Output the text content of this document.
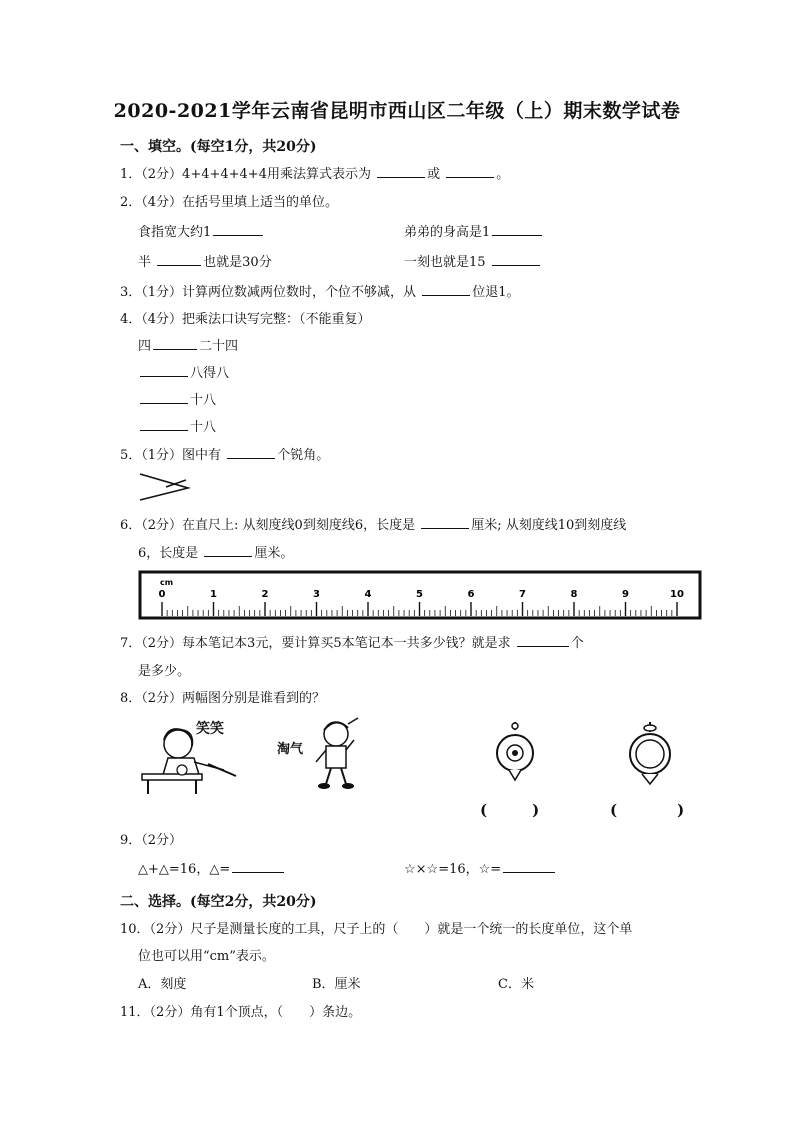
2020-2021学年云南省昆明市西山区二年级（上）期末数学试卷
一、填空。(每空1分，共20分)
1．（2分）4+4+4+4+4用乘法算式表示为	或	。
2．（4分）在括号里填上适当的单位。
食指宽大约1	弟弟的身高是1
半	也就是30分	一刻也就是15
3．（1分）计算两位数减两位数时，个位不够减，从	位退1。
4．（4分）把乘法口诀写完整：（不能重复）
四	二十四
八得八
十八
十八
5．（1分）图中有	个锐角。
6．（2分）在直尺上: 从刻度线0到刻度线6，长度是	厘米; 从刻度线10到刻度线
6，长度是	厘米。
0	1	2	3	4	5	6	7	8	9	10
cm
7．（2分）每本笔记本3元，要计算买5本笔记本一共多少钱？就是求	个
是多少。
8．（2分）两幅图分别是谁看到的？
笑笑
淘气
(　　　)	(　　　　)
9．（2分）
△+△=16，△=	☆×☆=16，☆=
二、选择。(每空2分，共20分)
10．（2分）尺子是测量长度的工具，尺子上的（　　）就是一个统一的长度单位，这个单
位也可以用“cm”表示。
A．刻度	B．厘米	C．米
11．（2分）角有1个顶点，（　　）条边。
